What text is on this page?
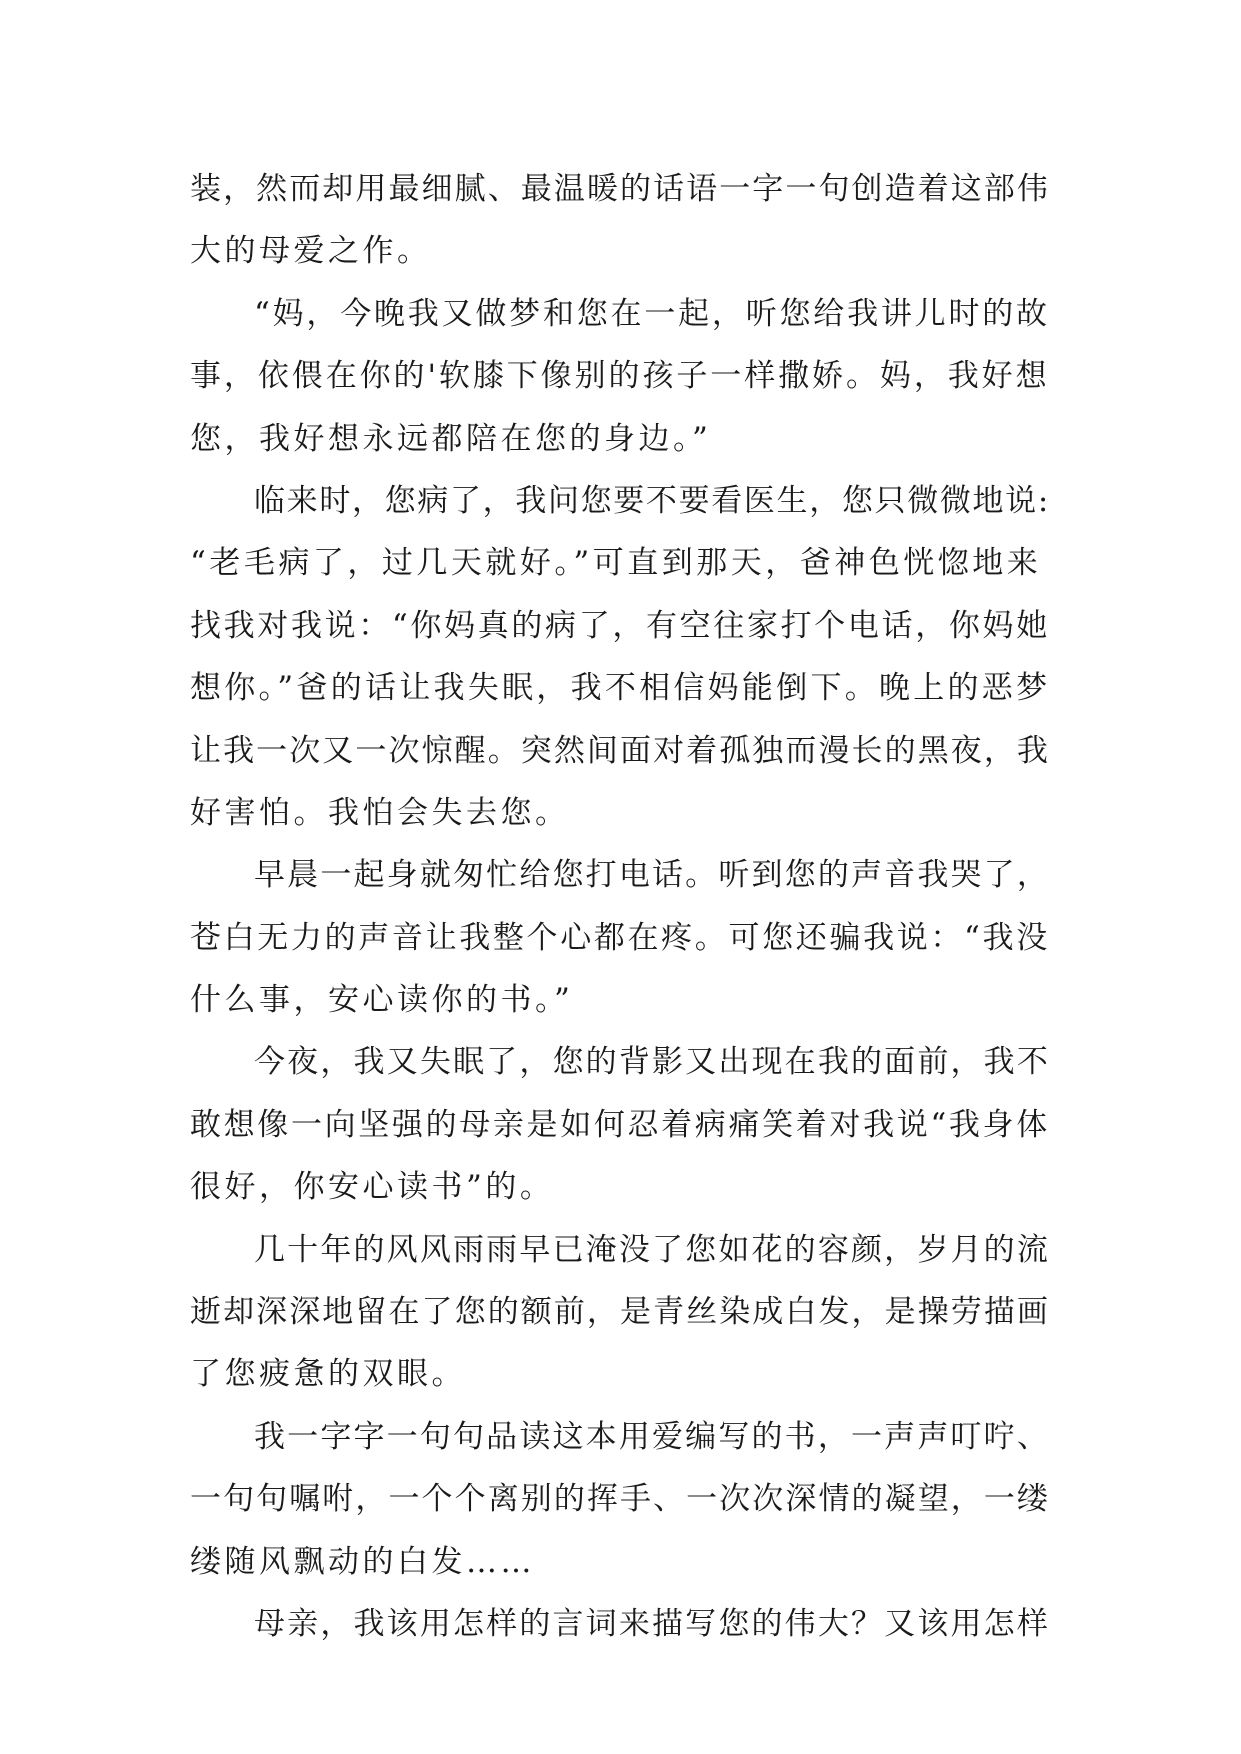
装，然而却用最细腻、最温暖的话语一字一句创造着这部伟
大的母爱之作。
“妈，今晚我又做梦和您在一起，听您给我讲儿时的故
事，依偎在你的'软膝下像别的孩子一样撒娇。妈，我好想
您，我好想永远都陪在您的身边。”
临来时，您病了，我问您要不要看医生，您只微微地说:
“老毛病了，过几天就好。”可直到那天，爸神色恍惚地来
找我对我说：“你妈真的病了，有空往家打个电话，你妈她
想你。”爸的话让我失眠，我不相信妈能倒下。晚上的恶梦
让我一次又一次惊醒。突然间面对着孤独而漫长的黑夜，我
好害怕。我怕会失去您。
早晨一起身就匆忙给您打电话。听到您的声音我哭了，
苍白无力的声音让我整个心都在疼。可您还骗我说：“我没
什么事，安心读你的书。”
今夜，我又失眠了，您的背影又出现在我的面前，我不
敢想像一向坚强的母亲是如何忍着病痛笑着对我说“我身体
很好，你安心读书”的。
几十年的风风雨雨早已淹没了您如花的容颜，岁月的流
逝却深深地留在了您的额前，是青丝染成白发，是操劳描画
了您疲惫的双眼。
我一字字一句句品读这本用爱编写的书，一声声叮咛、
一句句嘱咐，一个个离别的挥手、一次次深情的凝望，一缕
缕随风飘动的白发……
母亲，我该用怎样的言词来描写您的伟大？又该用怎样
